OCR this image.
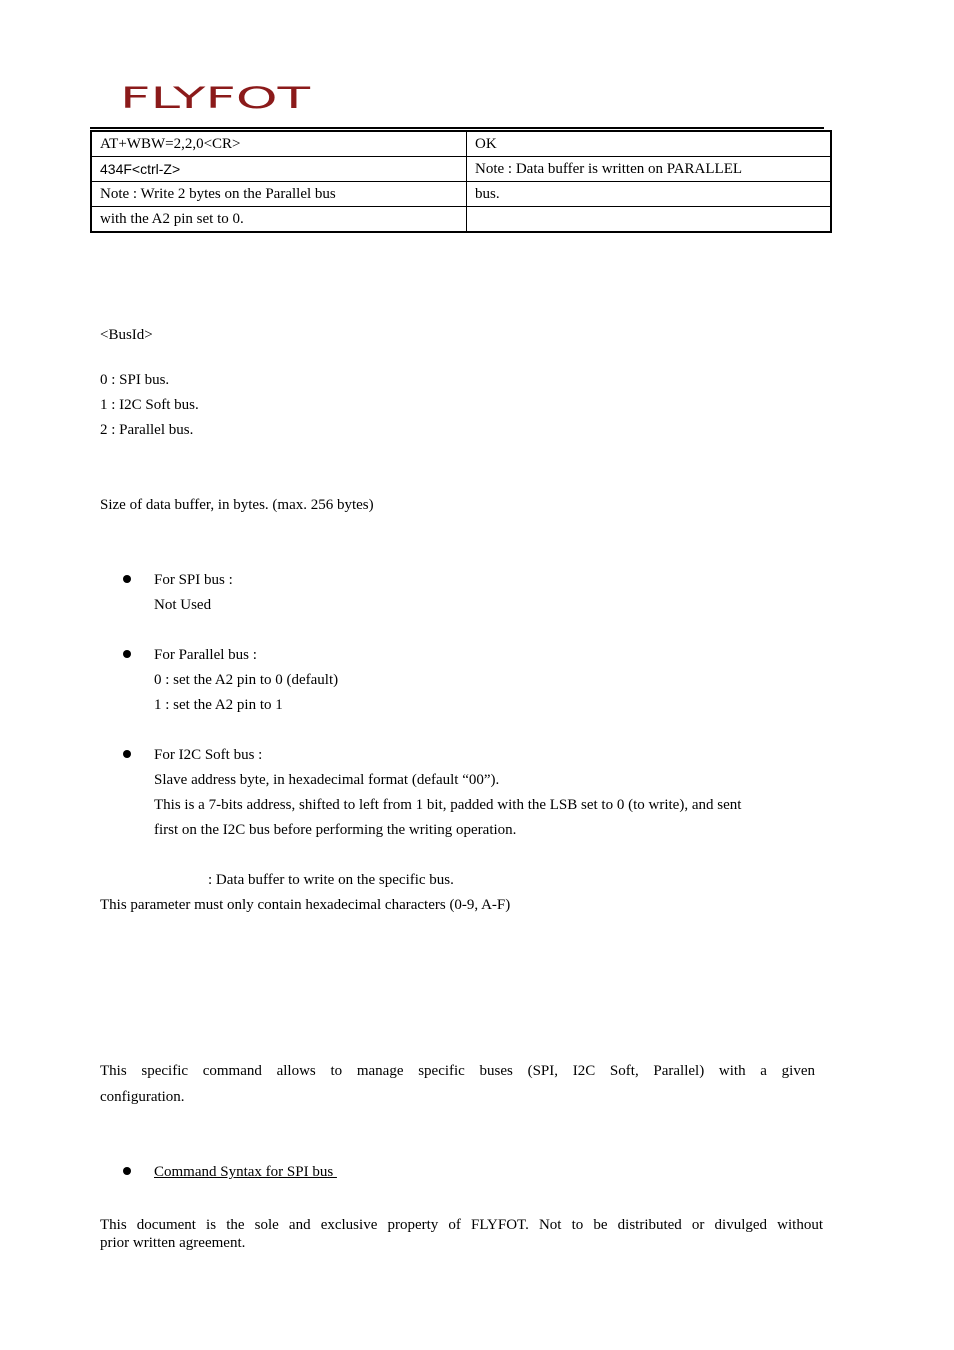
FLYFOT
AT+WBW=2,2,0<CR>	OK
434F<ctrl-Z>	Note : Data buffer is written on PARALLEL
Note : Write 2 bytes on the Parallel bus	bus.
with the A2 pin set to 0.	
<BusId>
0 : SPI bus.
1 : I2C Soft bus.
2 : Parallel bus.
Size of data buffer, in bytes. (max. 256 bytes)
For SPI bus :
Not Used
For Parallel bus :
0 : set the A2 pin to 0 (default)
1 : set the A2 pin to 1
For I2C Soft bus :
Slave address byte, in hexadecimal format (default “00”).
This is a 7-bits address, shifted to left from 1 bit, padded with the LSB set to 0 (to write), and sent
first on the I2C bus before performing the writing operation.
: Data buffer to write on the specific bus.
This parameter must only contain hexadecimal characters (0-9, A-F)
This specific command allows to manage specific buses (SPI, I2C Soft, Parallel) with a given
configuration.
Command Syntax for SPI bus
This document is the sole and exclusive property of FLYFOT. Not to be distributed or divulged without
prior written agreement.
